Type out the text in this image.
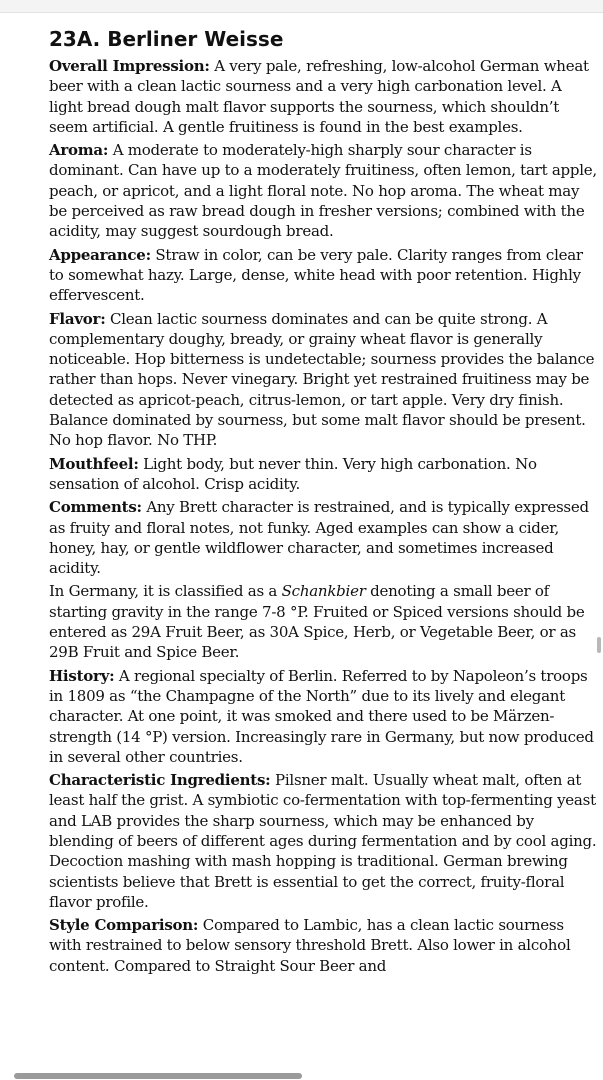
23A. Berliner Weisse

Overall Impression: A very pale, refreshing, low-alcohol German wheat beer with a clean lactic sourness and a very high carbonation level. A light bread dough malt flavor supports the sourness, which shouldn’t seem artificial. A gentle fruitiness is found in the best examples.

Aroma: A moderate to moderately-high sharply sour character is dominant. Can have up to a moderately fruitiness, often lemon, tart apple, peach, or apricot, and a light floral note. No hop aroma. The wheat may be perceived as raw bread dough in fresher versions; combined with the acidity, may suggest sourdough bread.

Appearance: Straw in color, can be very pale. Clarity ranges from clear to somewhat hazy. Large, dense, white head with poor retention. Highly effervescent.

Flavor: Clean lactic sourness dominates and can be quite strong. A complementary doughy, bready, or grainy wheat flavor is generally noticeable. Hop bitterness is undetectable; sourness provides the balance rather than hops. Never vinegary. Bright yet restrained fruitiness may be detected as apricot-peach, citrus-lemon, or tart apple. Very dry finish. Balance dominated by sourness, but some malt flavor should be present. No hop flavor. No THP.

Mouthfeel: Light body, but never thin. Very high carbonation. No sensation of alcohol. Crisp acidity.

Comments: Any Brett character is restrained, and is typically expressed as fruity and floral notes, not funky. Aged examples can show a cider, honey, hay, or gentle wildflower character, and sometimes increased acidity.

In Germany, it is classified as a Schankbier denoting a small beer of starting gravity in the range 7-8 °P. Fruited or Spiced versions should be entered as 29A Fruit Beer, as 30A Spice, Herb, or Vegetable Beer, or as 29B Fruit and Spice Beer.

History: A regional specialty of Berlin. Referred to by Napoleon’s troops in 1809 as “the Champagne of the North” due to its lively and elegant character. At one point, it was smoked and there used to be Märzen-strength (14 °P) version. Increasingly rare in Germany, but now produced in several other countries.

Characteristic Ingredients: Pilsner malt. Usually wheat malt, often at least half the grist. A symbiotic co-fermentation with top-fermenting yeast and LAB provides the sharp sourness, which may be enhanced by blending of beers of different ages during fermentation and by cool aging. Decoction mashing with mash hopping is traditional. German brewing scientists believe that Brett is essential to get the correct, fruity-floral flavor profile.

Style Comparison: Compared to Lambic, has a clean lactic sourness with restrained to below sensory threshold Brett. Also lower in alcohol content. Compared to Straight Sour Beer and
